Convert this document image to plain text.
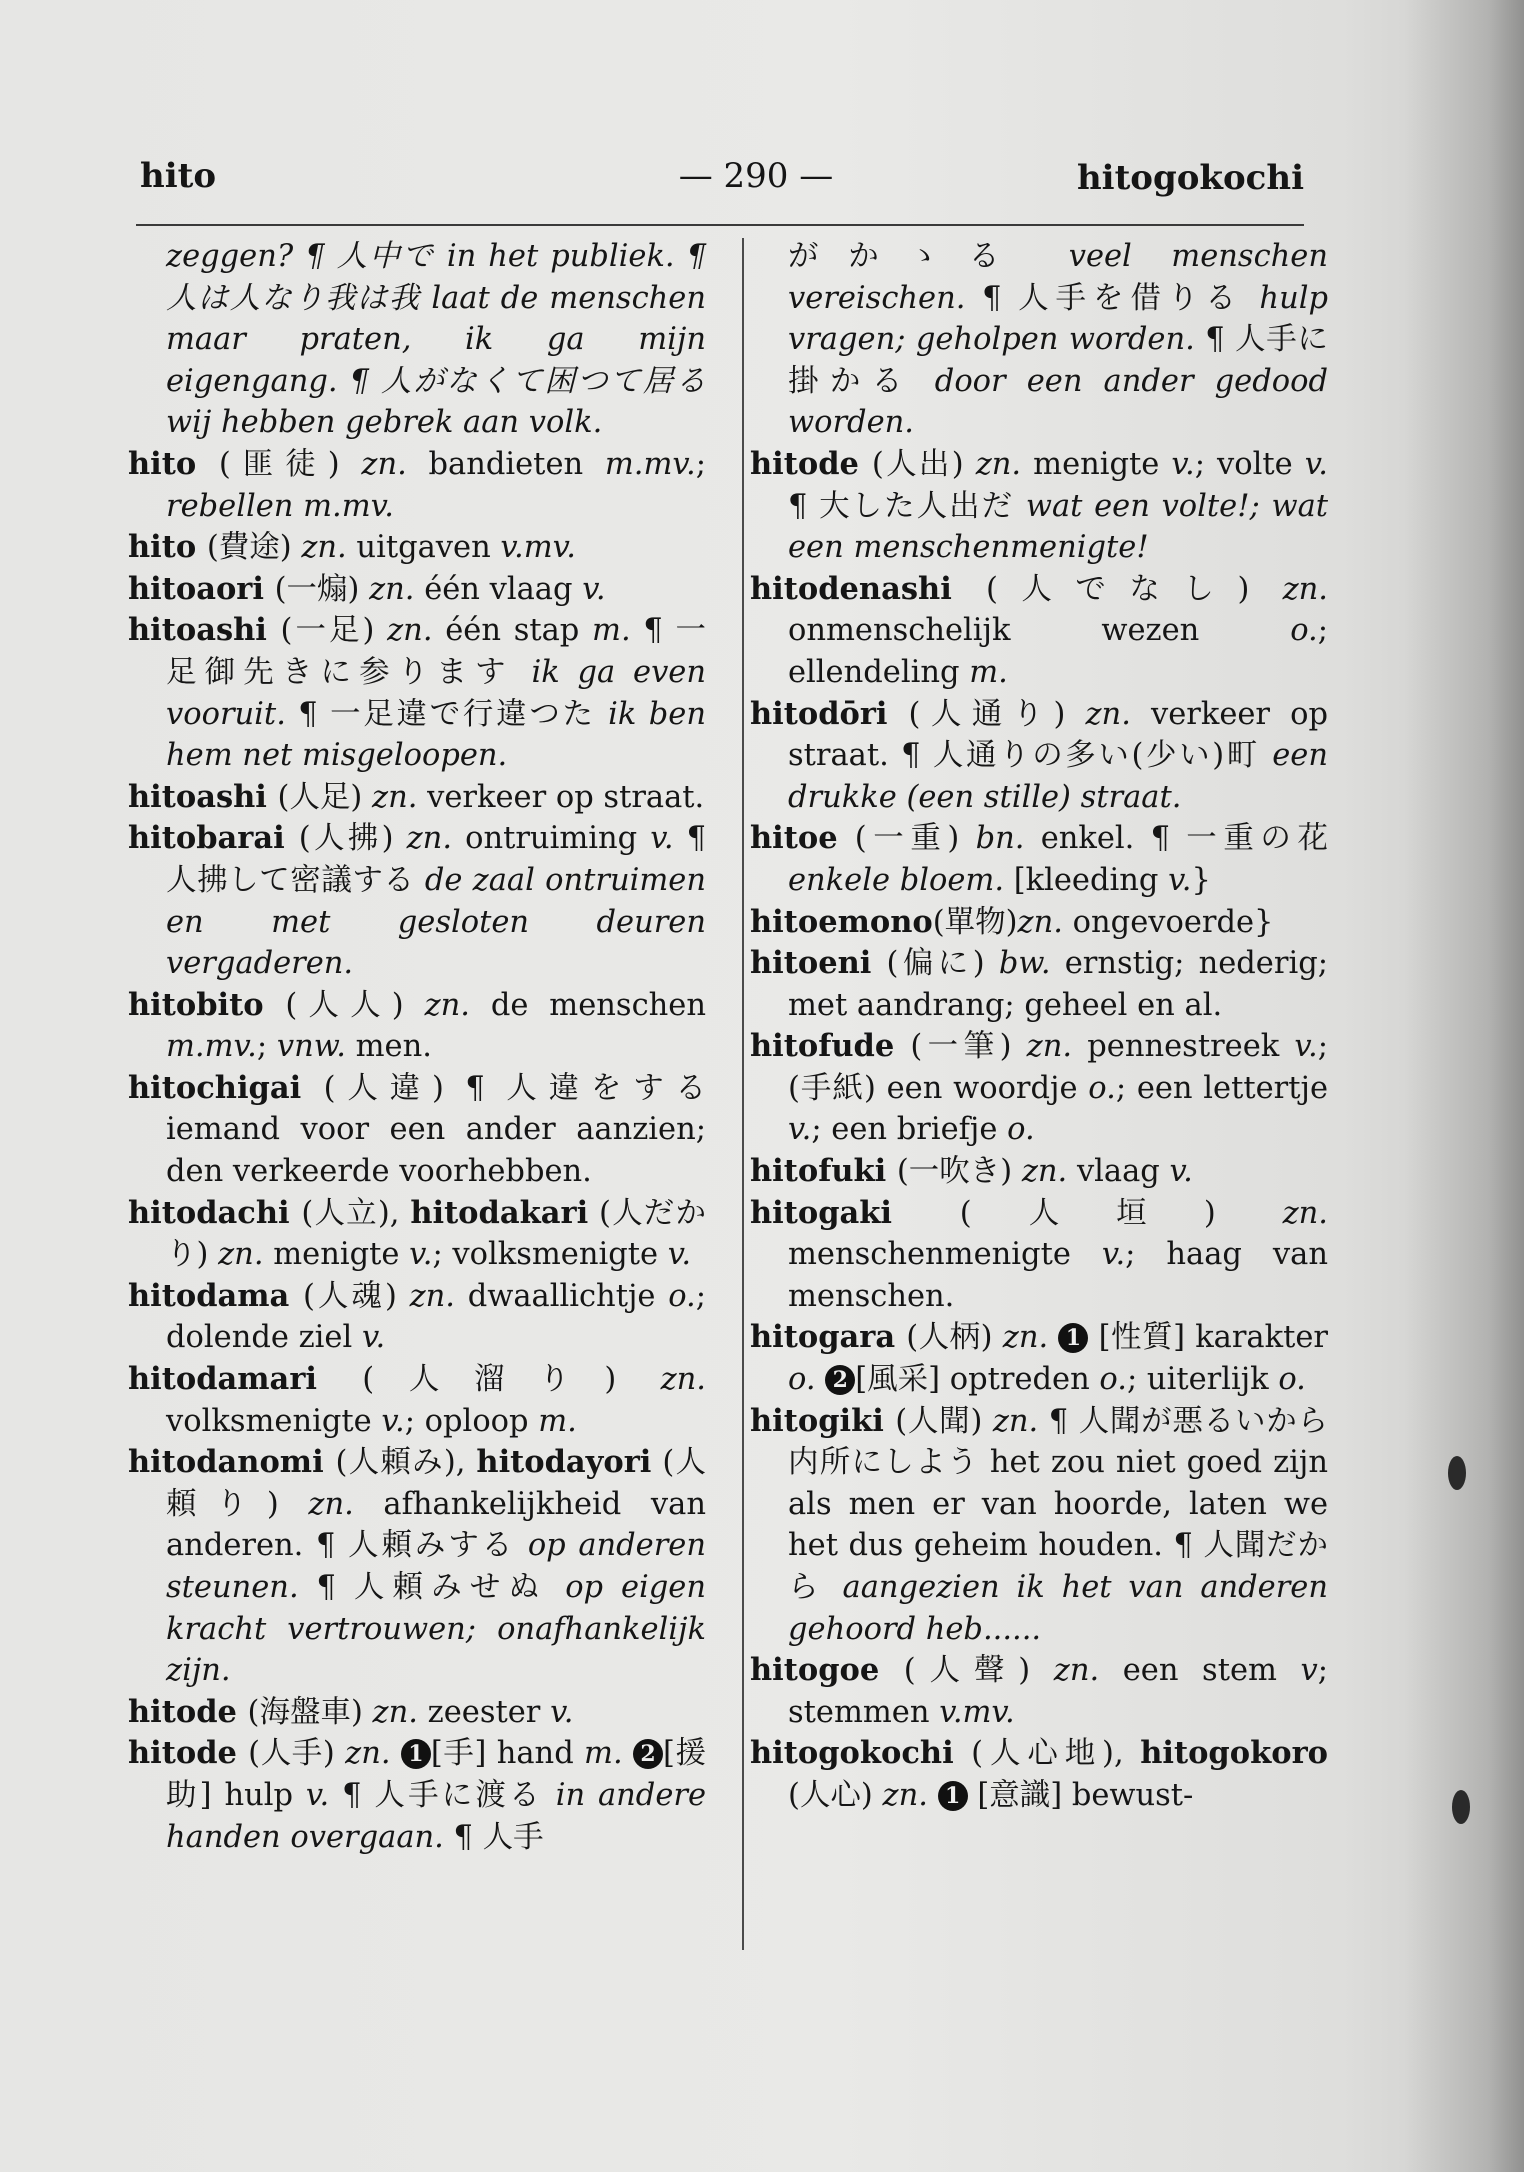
hito	— 290 —	hitogokochi

zeggen? ¶ 人中で in het publiek. ¶ 人は人なり我は我 laat de menschen maar praten, ik ga mijn eigengang. ¶ 人がなくて困つて居る wij hebben gebrek aan volk.

hito (匪徒) zn. bandieten m.mv.; rebellen m.mv.

hito (費途) zn. uitgaven v.mv.

hitoaori (一煽) zn. één vlaag v.

hitoashi (一足) zn. één stap m. ¶ 一足御先きに参ります ik ga even vooruit. ¶ 一足違で行違つた ik ben hem net misgeloopen.

hitoashi (人足) zn. verkeer op straat.

hitobarai (人拂) zn. ontruiming v. ¶ 人拂して密議する de zaal ontruimen en met gesloten deuren vergaderen.

hitobito (人人) zn. de menschen m.mv.; vnw. men.

hitochigai (人違) ¶ 人違をする iemand voor een ander aanzien; den verkeerde voorhebben.

hitodachi (人立), hitodakari (人だかり) zn. menigte v.; volksmenigte v.

hitodama (人魂) zn. dwaallichtje o.; dolende ziel v.

hitodamari (人溜り) zn. volksmenigte v.; oploop m.

hitodanomi (人頼み), hitodayori (人頼り) zn. afhankelijkheid van anderen. ¶ 人頼みする op anderen steunen. ¶ 人頼みせぬ op eigen kracht vertrouwen; onafhankelijk zijn.

hitode (海盤車) zn. zeester v.

hitode (人手) zn. 1 [手] hand m. 2 [援助] hulp v. ¶ 人手に渡る in andere handen overgaan. ¶ 人手

がかゝる veel menschen vereischen. ¶ 人手を借りる hulp vragen; geholpen worden. ¶ 人手に掛かる door een ander gedood worden.

hitode (人出) zn. menigte v.; volte v. ¶ 大した人出だ wat een volte!; wat een menschenmenigte!

hitodenashi (人でなし) zn. onmenschelijk wezen o.; ellendeling m.

hitodōri (人通り) zn. verkeer op straat. ¶ 人通りの多い(少い)町 een drukke (een stille) straat.

hitoe (一重) bn. enkel. ¶ 一重の花 enkele bloem. [kleeding v.}

hitoemono(單物)zn. ongevoerde}

hitoeni (偏に) bw. ernstig; nederig; met aandrang; geheel en al.

hitofude (一筆) zn. pennestreek v.; (手紙) een woordje o.; een lettertje v.; een briefje o.

hitofuki (一吹き) zn. vlaag v.

hitogaki (人垣) zn. menschenmenigte v.; haag van menschen.

hitogara (人柄) zn. 1 [性質] karakter o. 2 [風采] optreden o.; uiterlijk o.

hitogiki (人聞) zn. ¶ 人聞が悪るいから内所にしよう het zou niet goed zijn als men er van hoorde, laten we het dus geheim houden. ¶ 人聞だから aangezien ik het van anderen gehoord heb......

hitogoe (人聲) zn. een stem v; stemmen v.mv.

hitogokochi (人心地), hitogokoro (人心) zn. 1 [意識] bewust-
